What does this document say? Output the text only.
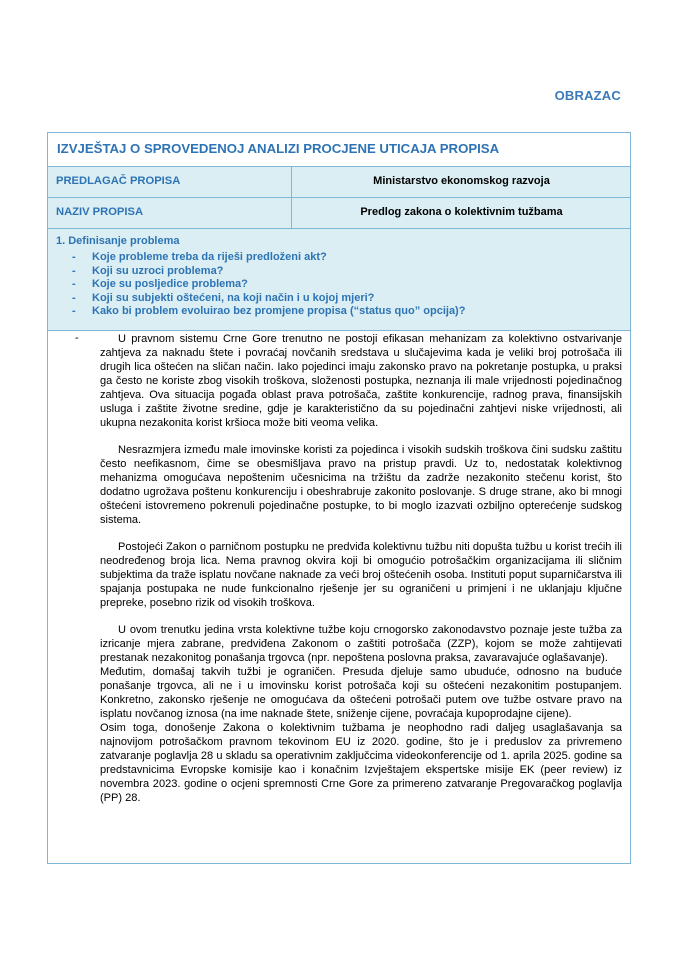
OBRAZAC
IZVJEŠTAJ O SPROVEDENOJ ANALIZI PROCJENE UTICAJA PROPISA
PREDLAGAČ PROPISA	Ministarstvo ekonomskog razvoja
NAZIV PROPISA	Predlog zakona o kolektivnim tužbama
1. Definisanje problema
- Koje probleme treba da riješi predloženi akt?
- Koji su uzroci problema?
- Koje su posljedice problema?
- Koji su subjekti oštećeni, na koji način i u kojoj mjeri?
- Kako bi problem evoluirao bez promjene propisa (“status quo” opcija)?
-	U pravnom sistemu Crne Gore trenutno ne postoji efikasan mehanizam za kolektivno ostvarivanje zahtjeva za naknadu štete i povraćaj novčanih sredstava u slučajevima kada je veliki broj potrošača ili drugih lica oštećen na sličan način. Iako pojedinci imaju zakonsko pravo na pokretanje postupka, u praksi ga često ne koriste zbog visokih troškova, složenosti postupka, neznanja ili male vrijednosti pojedinačnog zahtjeva. Ova situacija pogađa oblast prava potrošača, zaštite konkurencije, radnog prava, finansijskih usluga i zaštite životne sredine, gdje je karakteristično da su pojedinačni zahtjevi niske vrijednosti, ali ukupna nezakonita korist kršioca može biti veoma velika.

Nesrazmjera između male imovinske koristi za pojedinca i visokih sudskih troškova čini sudsku zaštitu često neefikasnom, čime se obesmišljava pravo na pristup pravdi. Uz to, nedostatak kolektivnog mehanizma omogućava nepoštenim učesnicima na tržištu da zadrže nezakonito stečenu korist, što dodatno ugrožava poštenu konkurenciju i obeshrabruje zakonito poslovanje. S druge strane, ako bi mnogi oštećeni istovremeno pokrenuli pojedinačne postupke, to bi moglo izazvati ozbiljno opterećenje sudskog sistema.

Postojeći Zakon o parničnom postupku ne predviđa kolektivnu tužbu niti dopušta tužbu u korist trećih ili neodređenog broja lica. Nema pravnog okvira koji bi omogućio potrošačkim organizacijama ili sličnim subjektima da traže isplatu novčane naknade za veći broj oštećenih osoba. Instituti poput suparničarstva ili spajanja postupaka ne nude funkcionalno rješenje jer su ograničeni u primjeni i ne uklanjaju ključne prepreke, posebno rizik od visokih troškova.

U ovom trenutku jedina vrsta kolektivne tužbe koju crnogorsko zakonodavstvo poznaje jeste tužba za izricanje mjera zabrane, predviđena Zakonom o zaštiti potrošača (ZZP), kojom se može zahtijevati prestanak nezakonitog ponašanja trgovca (npr. nepoštena poslovna praksa, zavaravajuće oglašavanje).

Međutim, domašaj takvih tužbi je ograničen. Presuda djeluje samo ubuduće, odnosno na buduće ponašanje trgovca, ali ne i u imovinsku korist potrošača koji su oštećeni nezakonitim postupanjem. Konkretno, zakonsko rješenje ne omogućava da oštećeni potrošači putem ove tužbe ostvare pravo na isplatu novčanog iznosa (na ime naknade štete, sniženje cijene, povraćaja kupoprodajne cijene).

Osim toga, donošenje Zakona o kolektivnim tužbama je neophodno radi daljeg usaglašavanja sa najnovijom potrošačkom pravnom tekovinom EU iz 2020. godine, što je i preduslov za privremeno zatvaranje poglavlja 28 u skladu sa operativnim zaključcima videokonferencije od 1. aprila 2025. godine sa predstavnicima Evropske komisije kao i konačnim Izvještajem ekspertske misije EK (peer review) iz novembra 2023. godine o ocjeni spremnosti Crne Gore za primereno zatvaranje Pregovaračkog poglavlja (PP) 28.
